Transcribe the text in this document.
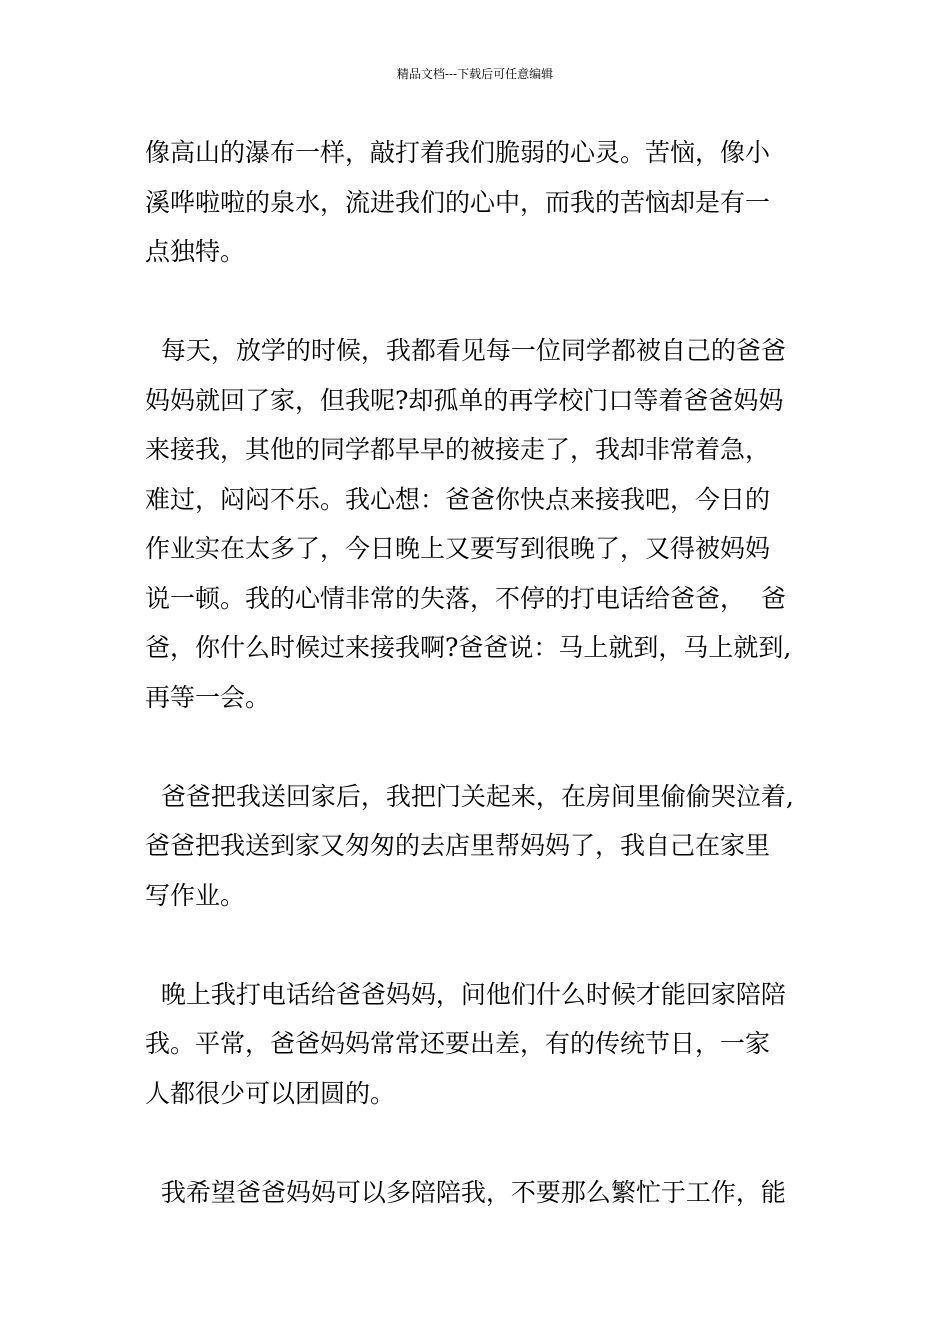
精品文档---下载后可任意编辑
像高山的瀑布一样，敲打着我们脆弱的心灵。苦恼，像小
溪哗啦啦的泉水，流进我们的心中，而我的苦恼却是有一
点独特。
每天，放学的时候，我都看见每一位同学都被自己的爸爸
妈妈就回了家，但我呢?却孤单的再学校门口等着爸爸妈妈
来接我，其他的同学都早早的被接走了，我却非常着急，
难过，闷闷不乐。我心想：爸爸你快点来接我吧，今日的
作业实在太多了，今日晚上又要写到很晚了，又得被妈妈
说一顿。我的心情非常的失落，不停的打电话给爸爸，  爸
爸，你什么时候过来接我啊?爸爸说：马上就到，马上就到,
再等一会。
爸爸把我送回家后，我把门关起来，在房间里偷偷哭泣着,
爸爸把我送到家又匆匆的去店里帮妈妈了，我自己在家里
写作业。
晚上我打电话给爸爸妈妈，问他们什么时候才能回家陪陪
我。平常，爸爸妈妈常常还要出差，有的传统节日，一家
人都很少可以团圆的。
我希望爸爸妈妈可以多陪陪我，不要那么繁忙于工作，能
